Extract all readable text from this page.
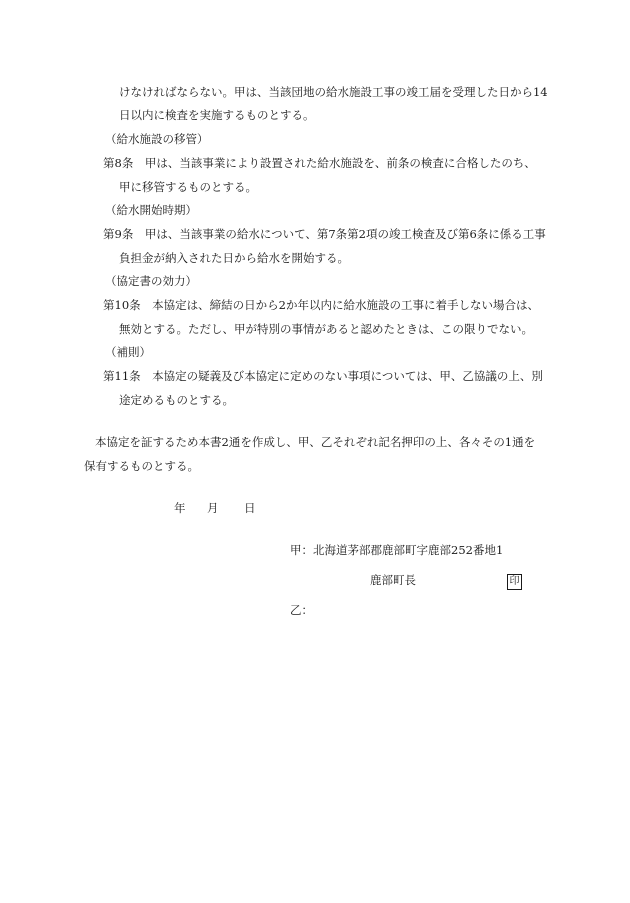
けなければならない。甲は、当該団地の給水施設工事の竣工届を受理した日から14
日以内に検査を実施するものとする。
（給水施設の移管）
第8条　甲は、当該事業により設置された給水施設を、前条の検査に合格したのち、
甲に移管するものとする。
（給水開始時期）
第9条　甲は、当該事業の給水について、第7条第2項の竣工検査及び第6条に係る工事
負担金が納入された日から給水を開始する。
（協定書の効力）
第10条　本協定は、締結の日から2か年以内に給水施設の工事に着手しない場合は、
無効とする。ただし、甲が特別の事情があると認めたときは、この限りでない。
（補則）
第11条　本協定の疑義及び本協定に定めのない事項については、甲、乙協議の上、別
途定めるものとする。
本協定を証するため本書2通を作成し、甲、乙それぞれ記名押印の上、各々その1通を
保有するものとする。
年 月 日
甲：北海道茅部郡鹿部町字鹿部252番地1
鹿部町長	印
乙：
